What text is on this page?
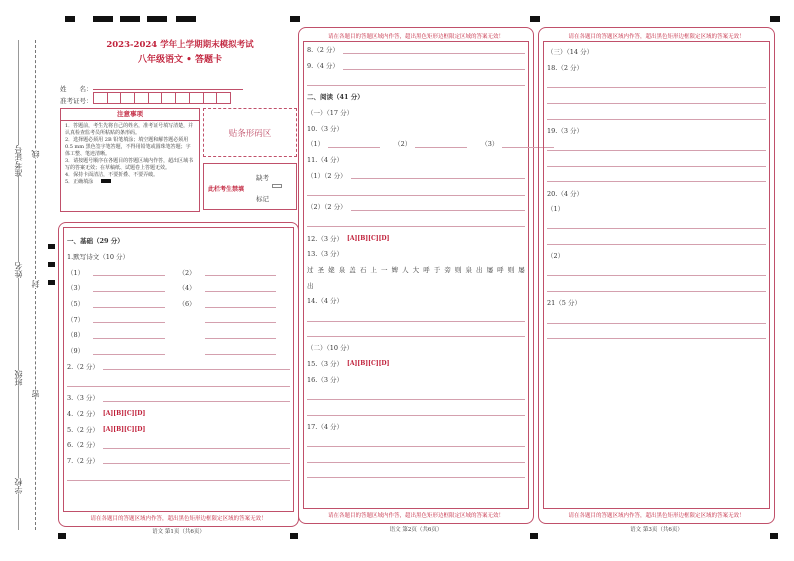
准考证号
姓名
班级
学校
线
封
密
2023-2024 学年上学期期末模拟考试
八年级语文 • 答题卡
姓　　名：
准考证号：
注意事项
1．答题前，考生先将自己的姓名，准考证号填写清楚，并认真检查监考员所粘贴的条形码。
2．选择题必须用 2B 铅笔填涂；填空题和解答题必须用 0.5 mm 黑色签字笔答题，不得用铅笔或圆珠笔答题；字体工整、笔迹清晰。
3．请按题号顺序在各题目的答题区域内作答，超出区域书写的答案无效；在草稿纸、试题卷上答题无效。
4．保持卡面清洁，不要折叠、不要弄破。
5．正确填涂
贴条形码区
此栏考生禁填
缺考
标记
一、基础（29 分）
1.默写诗文（10 分）
（1）	（2）
（3）	（4）
（5）	（6）
（7）
（8）
（9）
2.（2 分）
3.（3 分）
4.（2 分） [A][B][C][D]
5.（2 分） [A][B][C][D]
6.（2 分）
7.（2 分）
请在各题目的答题区域内作答，超出黑色矩形边框限定区域的答案无效！
语文 第1页（共6页）
请在各题目的答题区域内作答，超出黑色矩形边框限定区域的答案无效！
8.（2 分）
9.（4 分）
二、阅读（41 分）
（一）（17 分）
10.（3 分）
（1）	（2）	（3）
11.（4 分）
（1）（2 分）
（2）（2 分）
12.（3 分） [A][B][C][D]
13.（3 分）
过 圣 姥 泉 盖 石 上 一 婢 人 大 呼 于 旁 则 泉 出 屡 呼 则 屡
出
14.（4 分）
（二）（10 分）
15.（3 分） [A][B][C][D]
16.（3 分）
17.（4 分）
请在各题目的答题区域内作答，超出黑色矩形边框限定区域的答案无效！
语文 第2页（共6页）
请在各题目的答题区域内作答，超出黑色矩形边框限定区域的答案无效！
（三）（14 分）
18.（2 分）
19.（3 分）
20.（4 分）
（1）
（2）
21（5 分）
请在各题目的答题区域内作答，超出黑色矩形边框限定区域的答案无效！
语文 第3页（共6页）
